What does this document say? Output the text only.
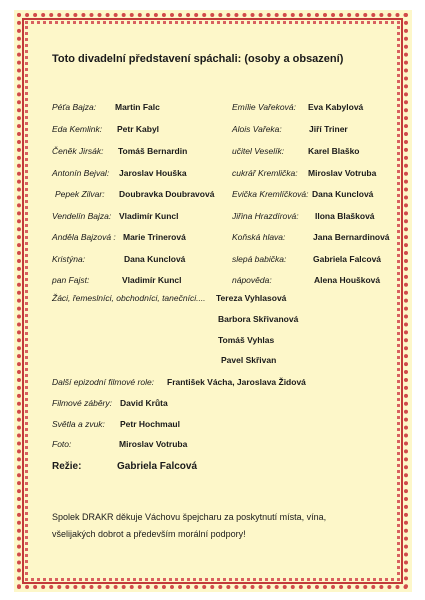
Toto divadelní představení spáchali: (osoby a obsazení)
Péťa Bajza: Martin Falc
Eda Kemlink: Petr Kabyl
Čeněk Jirsák: Tomáš Bernardin
Antonín Bejval: Jaroslav Houška
Pepek Zilvar: Doubravka Doubravová
Vendelín Bajza: Vladimír Kuncl
Anděla Bajzová : Marie Trinerová
Kristýna:	Dana Kunclová
pan Fajst:	Vladimír Kuncl
Emílie Vařeková: Eva Kabylová
Alois Vařeka:	Jiří Triner
učitel Veselík:	Karel Blaško
cukrář Kremlička: Miroslav Votruba
Evička Kremlíčková: Dana Kunclová
Jiřina Hrazdírová: Ilona Blašková
Koňská hlava:	Jana Bernardinová
slepá babička:	Gabriela Falcová
nápověda:	Alena Houšková
Žáci, řemeslníci, obchodníci, tanečníci.... Tereza Vyhlasová
Barbora Skřivanová
Tomáš Vyhlas
Pavel Skřivan
Další epizodní filmové role: František Vácha, Jaroslava Židová
Filmové záběry: David Krůta
Světla a zvuk: Petr Hochmaul
Foto:	Miroslav Votruba
Režie:	Gabriela Falcová
Spolek DRAKR děkuje Váchovu špejcharu za poskytnutí místa, vína, všelijakých dobrot a především morální podpory!
